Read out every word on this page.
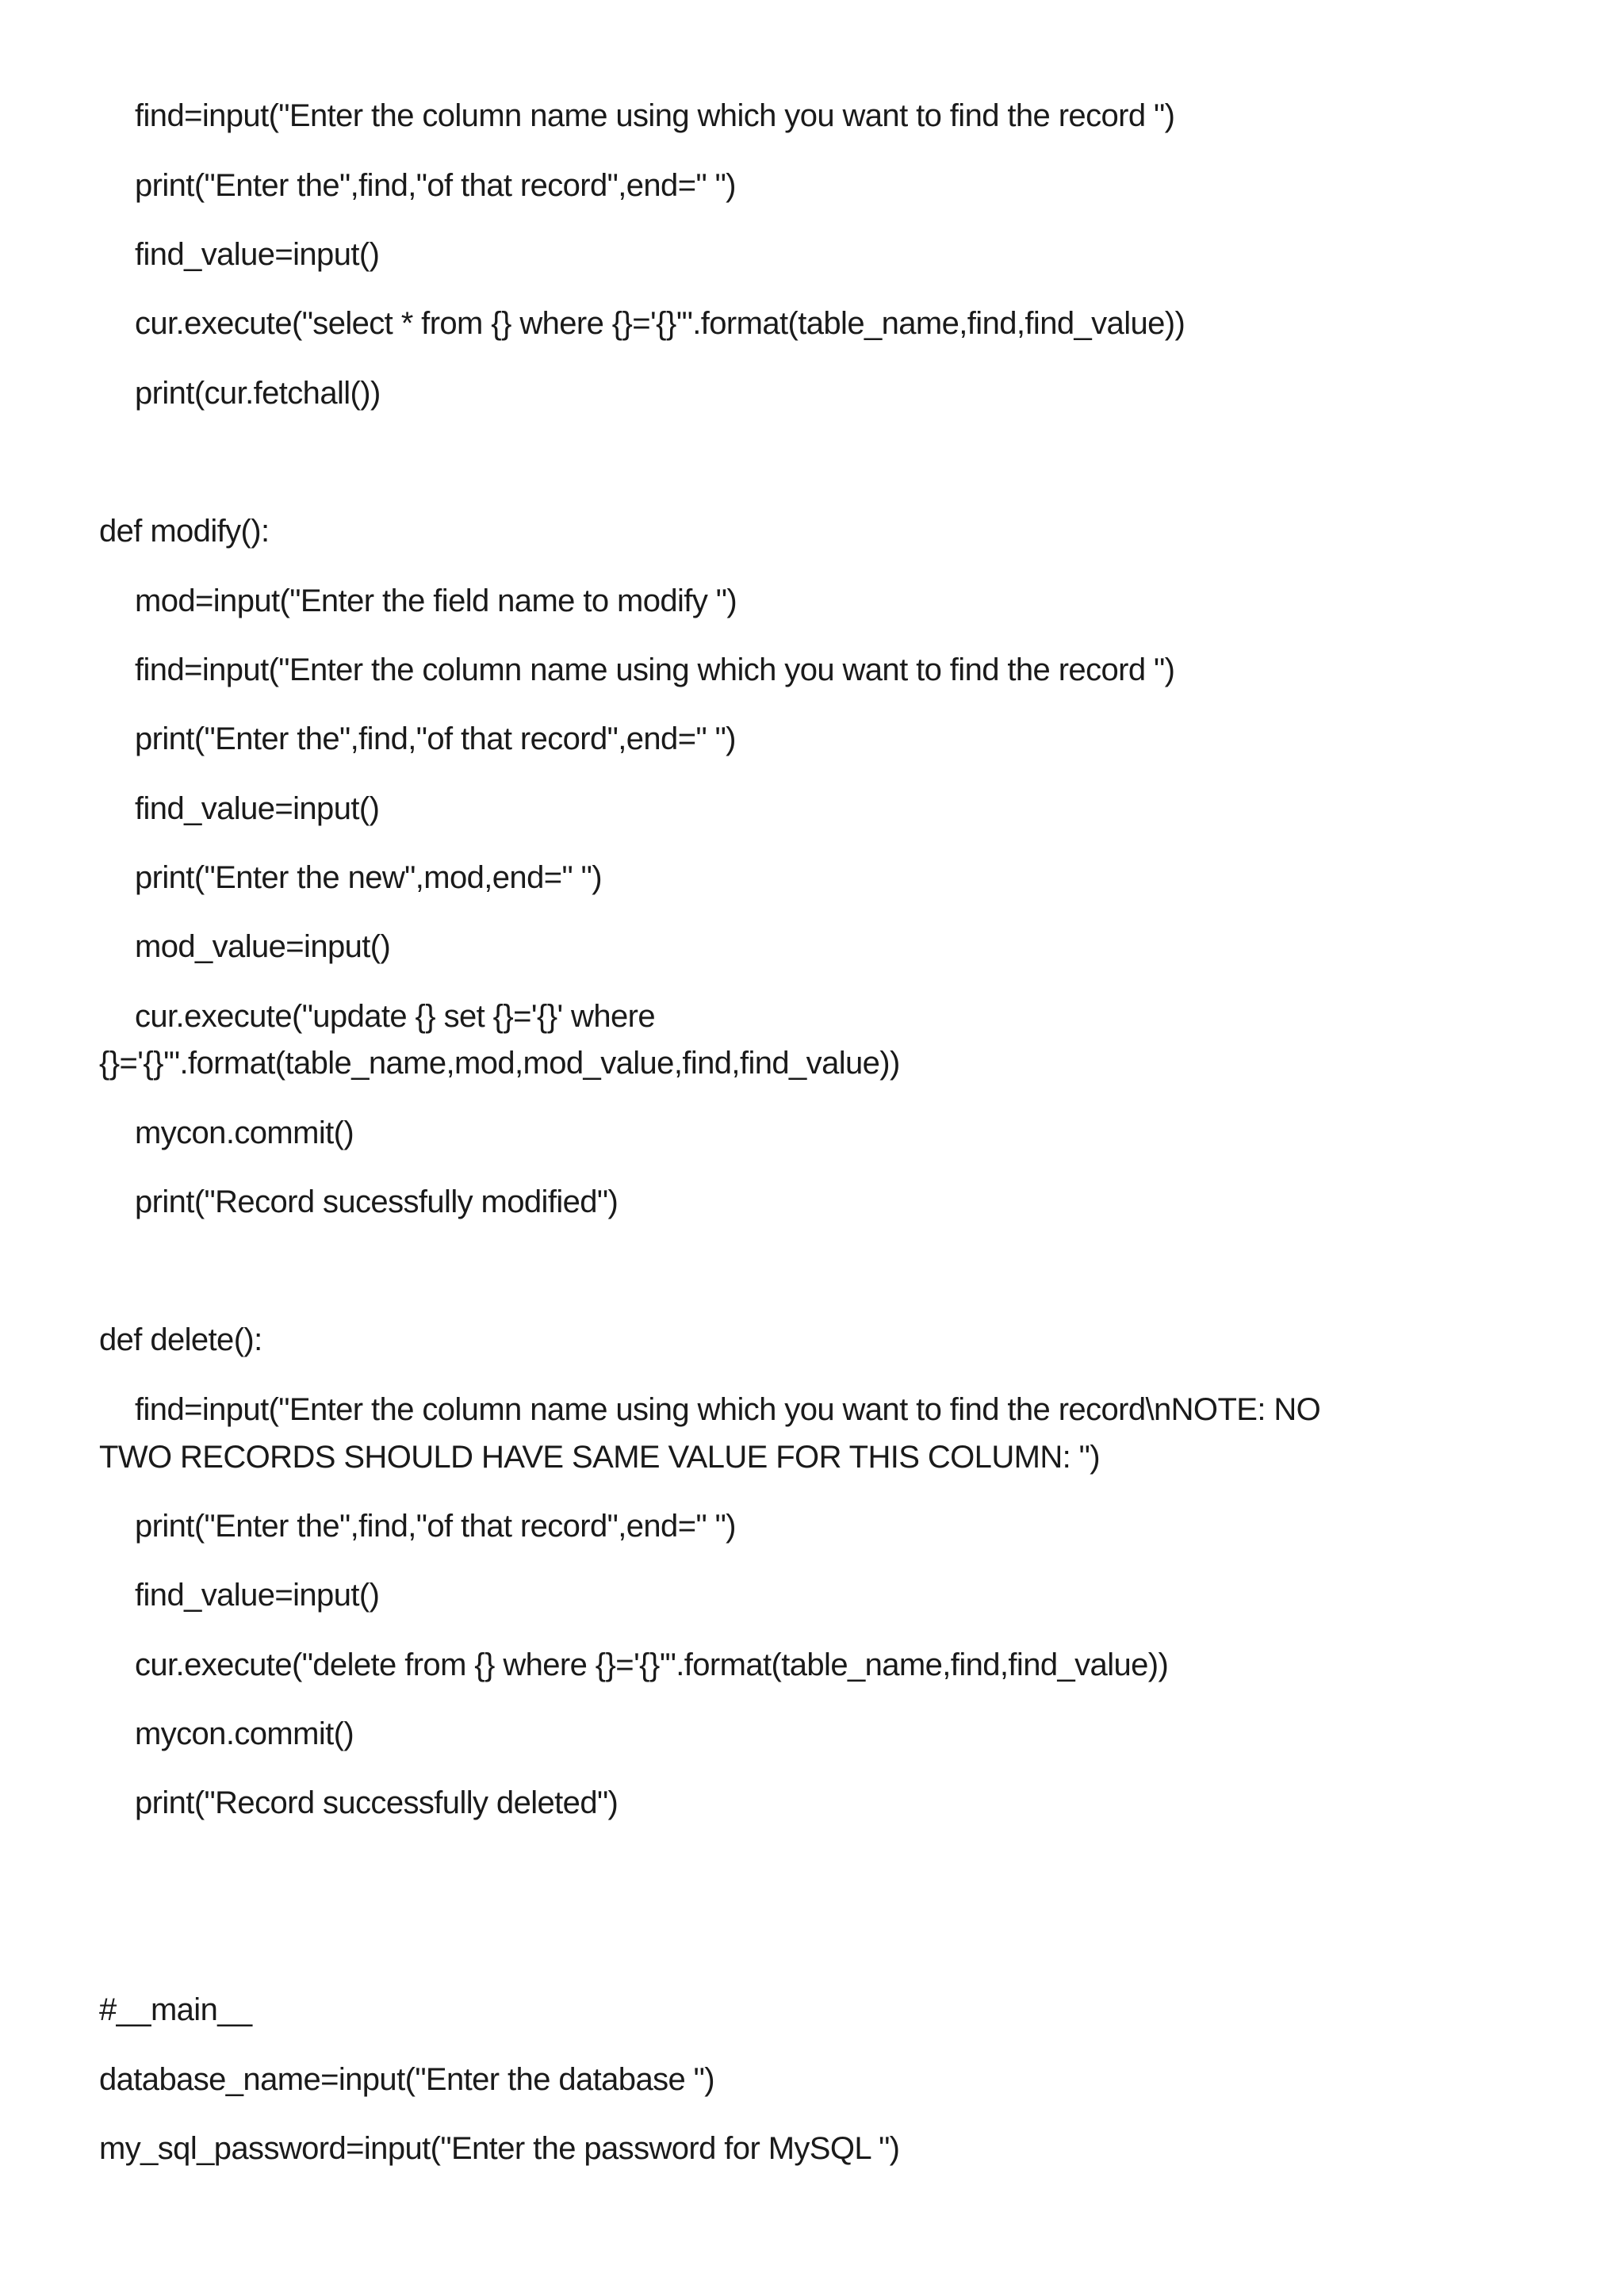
find=input("Enter the column name using which you want to find the record ")
print("Enter the",find,"of that record",end=" ")
find_value=input()
cur.execute("select * from {} where {}='{}'".format(table_name,find,find_value))
print(cur.fetchall())
def modify():
mod=input("Enter the field name to modify ")
find=input("Enter the column name using which you want to find the record ")
print("Enter the",find,"of that record",end=" ")
find_value=input()
print("Enter the new",mod,end=" ")
mod_value=input()
cur.execute("update {} set {}='{}' where
{}='{}'".format(table_name,mod,mod_value,find,find_value))
mycon.commit()
print("Record sucessfully modified")
def delete():
find=input("Enter the column name using which you want to find the record\nNOTE: NO
TWO RECORDS SHOULD HAVE SAME VALUE FOR THIS COLUMN: ")
print("Enter the",find,"of that record",end=" ")
find_value=input()
cur.execute("delete from {} where {}='{}'".format(table_name,find,find_value))
mycon.commit()
print("Record successfully deleted")
#__main__
database_name=input("Enter the database ")
my_sql_password=input("Enter the password for MySQL ")
